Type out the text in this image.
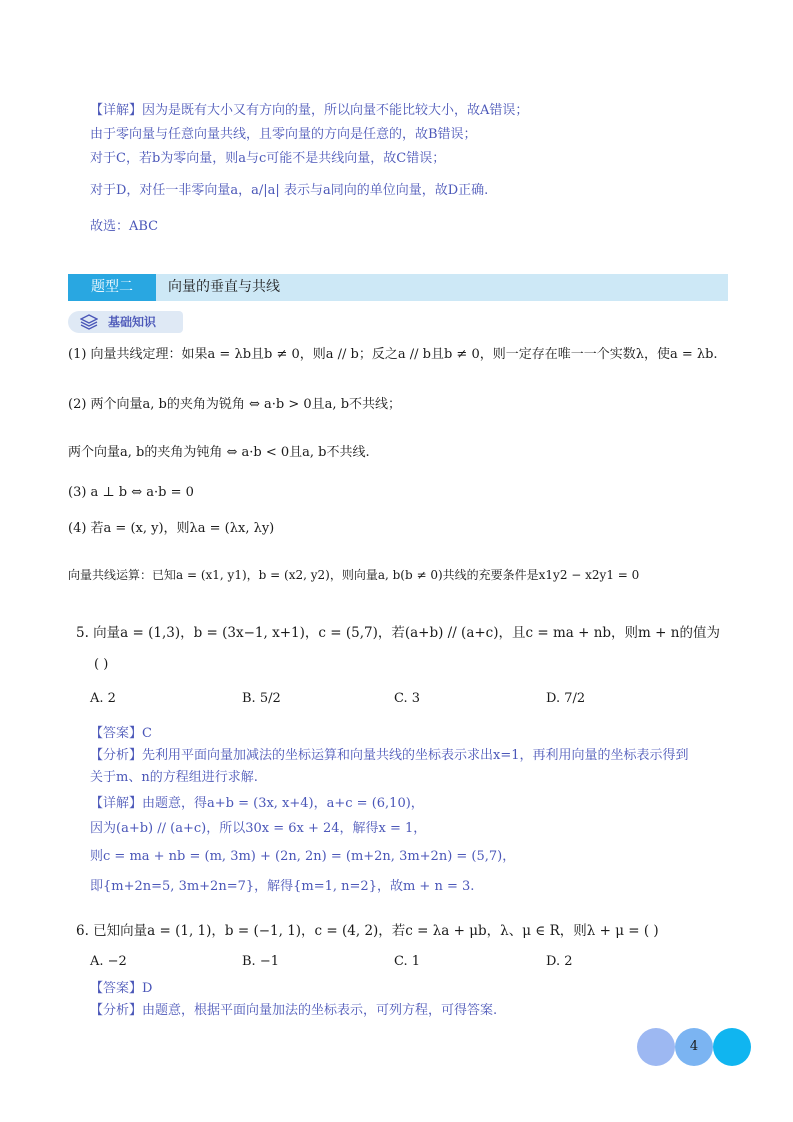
【详解】因为是既有大小又有方向的量，所以向量不能比较大小，故A错误；
由于零向量与任意向量共线，且零向量的方向是任意的，故B错误；
对于C，若b为零向量，则a与c可能不是共线向量，故C错误；
对于D，对任一非零向量a，a/|a| 表示与a同向的单位向量，故D正确.
故选：ABC
题型二	向量的垂直与共线
基础知识
(1) 向量共线定理：如果a = λb且b ≠ 0，则a // b；反之a // b且b ≠ 0，则一定存在唯一一个实数λ，使a = λb.
(2) 两个向量a, b的夹角为锐角 ⇔ a·b > 0且a, b不共线；
两个向量a, b的夹角为钝角 ⇔ a·b < 0且a, b不共线.
(3) a ⊥ b ⇔ a·b = 0
(4) 若a = (x, y)，则λa = (λx, λy)
向量共线运算：已知a = (x1, y1)，b = (x2, y2)，则向量a, b(b ≠ 0)共线的充要条件是x1y2 − x2y1 = 0
5. 向量a = (1,3)，b = (3x−1, x+1)，c = (5,7)，若(a+b) // (a+c)，且c = ma + nb，则m + n的值为
( )
A. 2	B. 5/2	C. 3	D. 7/2
【答案】C
【分析】先利用平面向量加减法的坐标运算和向量共线的坐标表示求出x=1，再利用向量的坐标表示得到
关于m、n的方程组进行求解.
【详解】由题意，得a+b = (3x, x+4)，a+c = (6,10)，
因为(a+b) // (a+c)，所以30x = 6x + 24，解得x = 1，
则c = ma + nb = (m, 3m) + (2n, 2n) = (m+2n, 3m+2n) = (5,7)，
即{m+2n=5, 3m+2n=7}，解得{m=1, n=2}，故m + n = 3.
6. 已知向量a = (1, 1)，b = (−1, 1)，c = (4, 2)，若c = λa + μb，λ、μ ∈ R，则λ + μ = ( )
A. −2	B. −1	C. 1	D. 2
【答案】D
【分析】由题意，根据平面向量加法的坐标表示，可列方程，可得答案.
4
